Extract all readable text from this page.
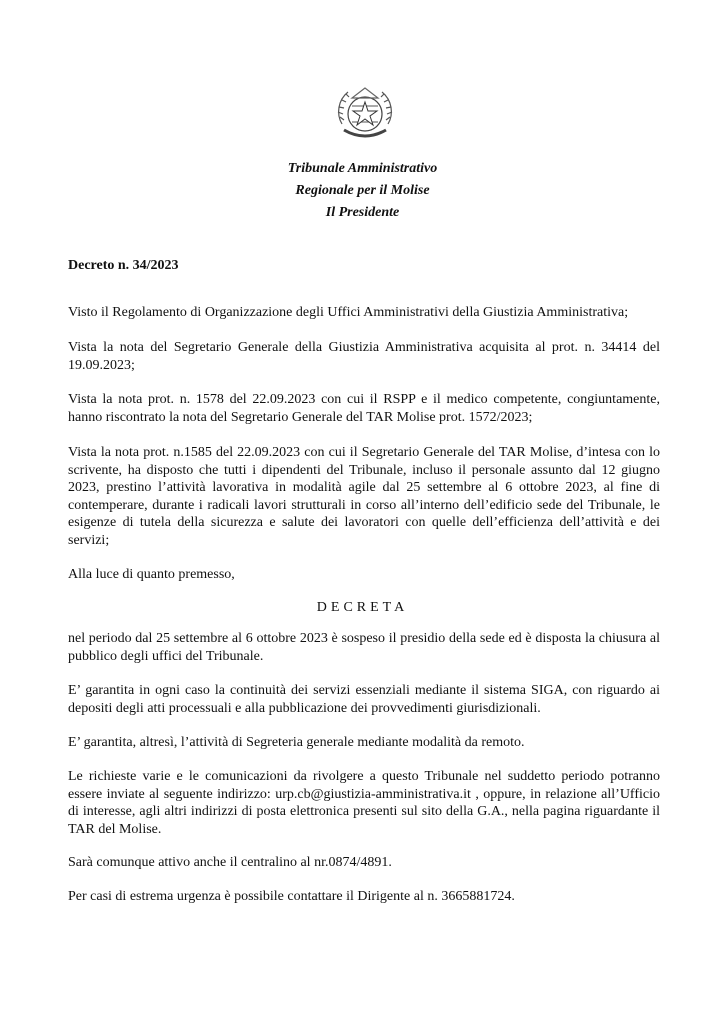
Tribunale Amministrativo
Regionale per il Molise
Il Presidente
Decreto n. 34/2023

Visto il Regolamento di Organizzazione degli Uffici Amministrativi della Giustizia Amministrativa;

Vista la nota del Segretario Generale della Giustizia Amministrativa acquisita al prot. n. 34414 del 19.09.2023;

Vista la nota prot. n. 1578 del 22.09.2023 con cui il RSPP e il medico competente, congiuntamente, hanno riscontrato la nota del Segretario Generale del TAR Molise prot. 1572/2023;

Vista la nota prot. n.1585 del 22.09.2023 con cui il Segretario Generale del TAR Molise, d’intesa con lo scrivente, ha disposto che tutti i dipendenti del Tribunale, incluso il personale assunto dal 12 giugno 2023, prestino l’attività lavorativa in modalità agile dal 25 settembre al 6 ottobre 2023, al fine di contemperare, durante i radicali lavori strutturali in corso all’interno dell’edificio sede del Tribunale, le esigenze di tutela della sicurezza e salute dei lavoratori con quelle dell’efficienza dell’attività e dei servizi;

Alla luce di quanto premesso,

DECRETA

nel periodo dal 25 settembre al 6 ottobre 2023 è sospeso il presidio della sede ed è disposta la chiusura al pubblico degli uffici del Tribunale.

E’ garantita in ogni caso la continuità dei servizi essenziali mediante il sistema SIGA, con riguardo ai depositi degli atti processuali e alla pubblicazione dei provvedimenti giurisdizionali.

E’ garantita, altresì, l’attività di Segreteria generale mediante modalità da remoto.

Le richieste varie e le comunicazioni da rivolgere a questo Tribunale nel suddetto periodo potranno essere inviate al seguente indirizzo: urp.cb@giustizia-amministrativa.it , oppure, in relazione all’Ufficio di interesse, agli altri indirizzi di posta elettronica presenti sul sito della G.A., nella pagina riguardante il TAR del Molise.

Sarà comunque attivo anche il centralino al nr.0874/4891.

Per casi di estrema urgenza è possibile contattare il Dirigente al n. 3665881724.
